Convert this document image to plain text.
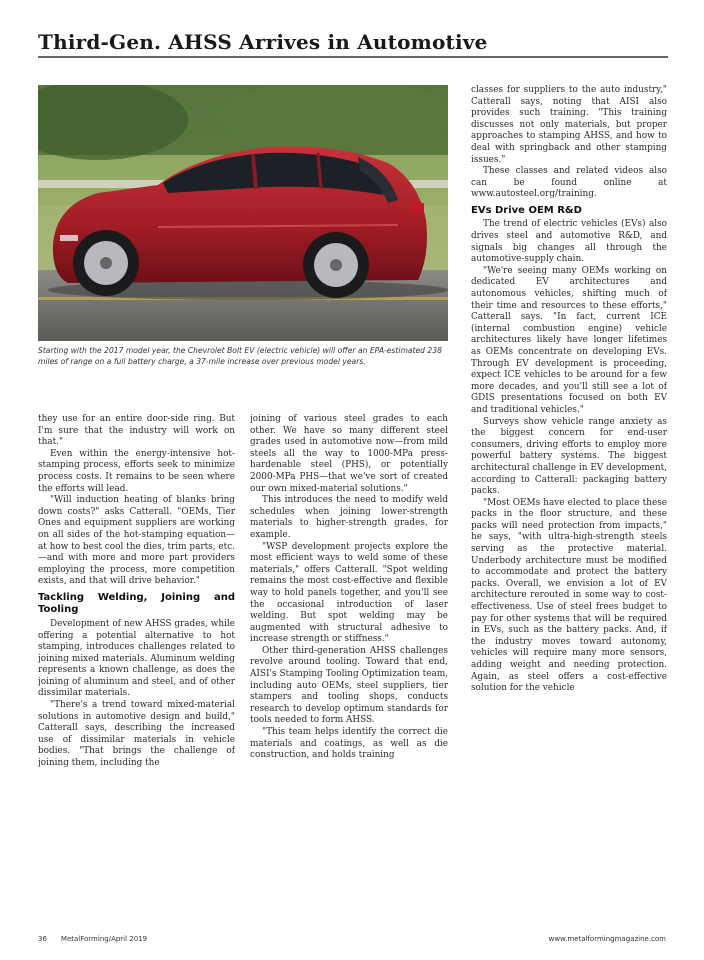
Third-Gen. AHSS Arrives in Automotive
Starting with the 2017 model year, the Chevrolet Bolt EV (electric vehicle) will offer an EPA-estimated 238 miles of range on a full battery charge, a 37-mile increase over previous model years.

they use for an entire door-side ring. But I'm sure that the industry will work on that."

Even within the energy-intensive hot-stamping process, efforts seek to minimize process costs. It remains to be seen where the efforts will lead.

"Will induction heating of blanks bring down costs?" asks Catterall. "OEMs, Tier Ones and equipment suppliers are working on all sides of the hot-stamping equation—at how to best cool the dies, trim parts, etc.—and with more and more part providers employing the process, more competition exists, and that will drive behavior."

Tackling Welding, Joining and Tooling

Development of new AHSS grades, while offering a potential alternative to hot stamping, introduces challenges related to joining mixed materials. Aluminum welding represents a known challenge, as does the joining of aluminum and steel, and of other dissimilar materials.

"There's a trend toward mixed-material solutions in automotive design and build," Catterall says, describing the increased use of dissimilar materials in vehicle bodies. "That brings the challenge of joining them, including the

joining of various steel grades to each other. We have so many different steel grades used in automotive now—from mild steels all the way to 1000-MPa press-hardenable steel (PHS), or potentially 2000-MPa PHS—that we've sort of created our own mixed-material solutions."

This introduces the need to modify weld schedules when joining lower-strength materials to higher-strength grades, for example.

"WSP development projects explore the most efficient ways to weld some of these materials," offers Catterall. "Spot welding remains the most cost-effective and flexible way to hold panels together, and you'll see the occasional introduction of laser welding. But spot welding may be augmented with structural adhesive to increase strength or stiffness."

Other third-generation AHSS challenges revolve around tooling. Toward that end, AISI's Stamping Tooling Optimization team, including auto OEMs, steel suppliers, tier stampers and tooling shops, conducts research to develop optimum standards for tools needed to form AHSS.

"This team helps identify the correct die materials and coatings, as well as die construction, and holds training

classes for suppliers to the auto industry," Catterall says, noting that AISI also provides such training. "This training discusses not only materials, but proper approaches to stamping AHSS, and how to deal with springback and other stamping issues."

These classes and related videos also can be found online at www.autosteel.org/training.

EVs Drive OEM R&D

The trend of electric vehicles (EVs) also drives steel and automotive R&D, and signals big changes all through the automotive-supply chain.

"We're seeing many OEMs working on dedicated EV architectures and autonomous vehicles, shifting much of their time and resources to these efforts," Catterall says. "In fact, current ICE (internal combustion engine) vehicle architectures likely have longer lifetimes as OEMs concentrate on developing EVs. Through EV development is proceeding, expect ICE vehicles to be around for a few more decades, and you'll still see a lot of GDIS presentations focused on both EV and traditional vehicles."

Surveys show vehicle range anxiety as the biggest concern for end-user consumers, driving efforts to employ more powerful battery systems. The biggest architectural challenge in EV development, according to Catterall: packaging battery packs.

"Most OEMs have elected to place these packs in the floor structure, and these packs will need protection from impacts," he says, "with ultra-high-strength steels serving as the protective material. Underbody architecture must be modified to accommodate and protect the battery packs. Overall, we envision a lot of EV architecture rerouted in some way to cost-effectiveness. Use of steel frees budget to pay for other systems that will be required in EVs, such as the battery packs. And, if the industry moves toward autonomy, vehicles will require many more sensors, adding weight and needing protection. Again, as steel offers a cost-effective solution for the vehicle

36 MetalForming/April 2019	www.metalformingmagazine.com
